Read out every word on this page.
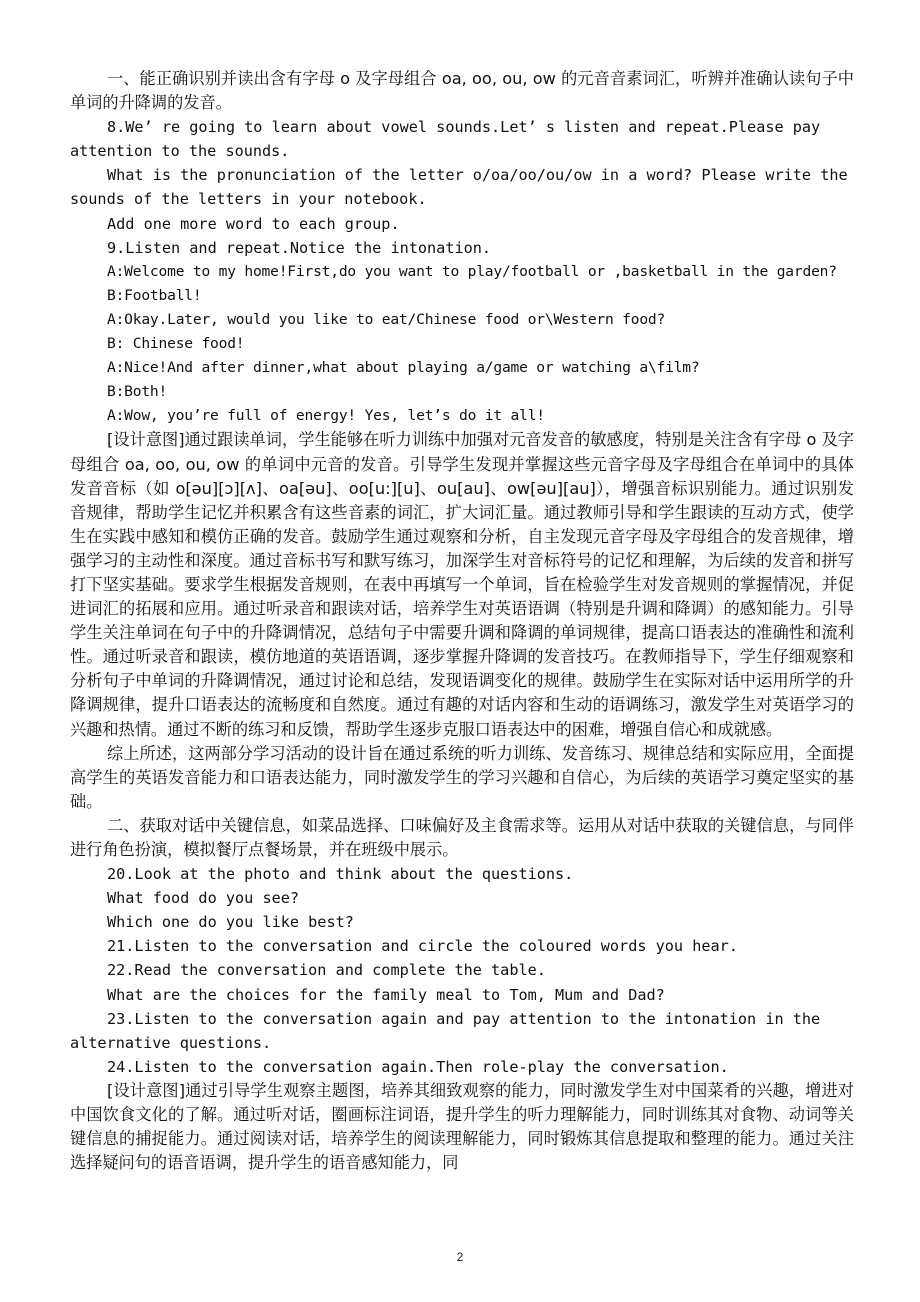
一、能正确识别并读出含有字母 o 及字母组合 oa, oo, ou, ow 的元音音素词汇，听辨并准确认读句子中单词的升降调的发音。

8.We’ re going to learn about vowel sounds.Let’ s listen and repeat.Please pay attention to the sounds.

What is the pronunciation of the letter o/oa/oo/ou/ow in a word? Please write the sounds of the letters in your notebook.

Add one more word to each group.

9.Listen and repeat.Notice the intonation.

A:Welcome to my home!First,do you want to play/football or ,basketball in the garden?

B:Football!

A:Okay.Later, would you like to eat/Chinese food or\Western food?

B: Chinese food!

A:Nice!And after dinner,what about playing a/game or watching a\film?

B:Both!

A:Wow, you’re full of energy! Yes, let’s do it all!

[设计意图]通过跟读单词，学生能够在听力训练中加强对元音发音的敏感度，特别是关注含有字母 o 及字母组合 oa, oo, ou, ow 的单词中元音的发音。引导学生发现并掌握这些元音字母及字母组合在单词中的具体发音音标（如 o[əu][ɔ][ʌ]、oa[əu]、oo[u:][u]、ou[au]、ow[əu][au]），增强音标识别能力。通过识别发音规律，帮助学生记忆并积累含有这些音素的词汇，扩大词汇量。通过教师引导和学生跟读的互动方式，使学生在实践中感知和模仿正确的发音。鼓励学生通过观察和分析，自主发现元音字母及字母组合的发音规律，增强学习的主动性和深度。通过音标书写和默写练习，加深学生对音标符号的记忆和理解，为后续的发音和拼写打下坚实基础。要求学生根据发音规则，在表中再填写一个单词，旨在检验学生对发音规则的掌握情况，并促进词汇的拓展和应用。通过听录音和跟读对话，培养学生对英语语调（特别是升调和降调）的感知能力。引导学生关注单词在句子中的升降调情况，总结句子中需要升调和降调的单词规律，提高口语表达的准确性和流利性。通过听录音和跟读，模仿地道的英语语调，逐步掌握升降调的发音技巧。在教师指导下，学生仔细观察和分析句子中单词的升降调情况，通过讨论和总结，发现语调变化的规律。鼓励学生在实际对话中运用所学的升降调规律，提升口语表达的流畅度和自然度。通过有趣的对话内容和生动的语调练习，激发学生对英语学习的兴趣和热情。通过不断的练习和反馈，帮助学生逐步克服口语表达中的困难，增强自信心和成就感。

综上所述，这两部分学习活动的设计旨在通过系统的听力训练、发音练习、规律总结和实际应用，全面提高学生的英语发音能力和口语表达能力，同时激发学生的学习兴趣和自信心，为后续的英语学习奠定坚实的基础。

二、获取对话中关键信息，如菜品选择、口味偏好及主食需求等。运用从对话中获取的关键信息，与同伴进行角色扮演，模拟餐厅点餐场景，并在班级中展示。

20.Look at the photo and think about the questions.

What food do you see?

Which one do you like best?

21.Listen to the conversation and circle the coloured words you hear.

22.Read the conversation and complete the table.

What are the choices for the family meal to Tom, Mum and Dad?

23.Listen to the conversation again and pay attention to the intonation in the alternative questions.

24.Listen to the conversation again.Then role-play the conversation.

[设计意图]通过引导学生观察主题图，培养其细致观察的能力，同时激发学生对中国菜肴的兴趣，增进对中国饮食文化的了解。通过听对话，圈画标注词语，提升学生的听力理解能力，同时训练其对食物、动词等关键信息的捕捉能力。通过阅读对话，培养学生的阅读理解能力，同时锻炼其信息提取和整理的能力。通过关注选择疑问句的语音语调，提升学生的语音感知能力，同

2
